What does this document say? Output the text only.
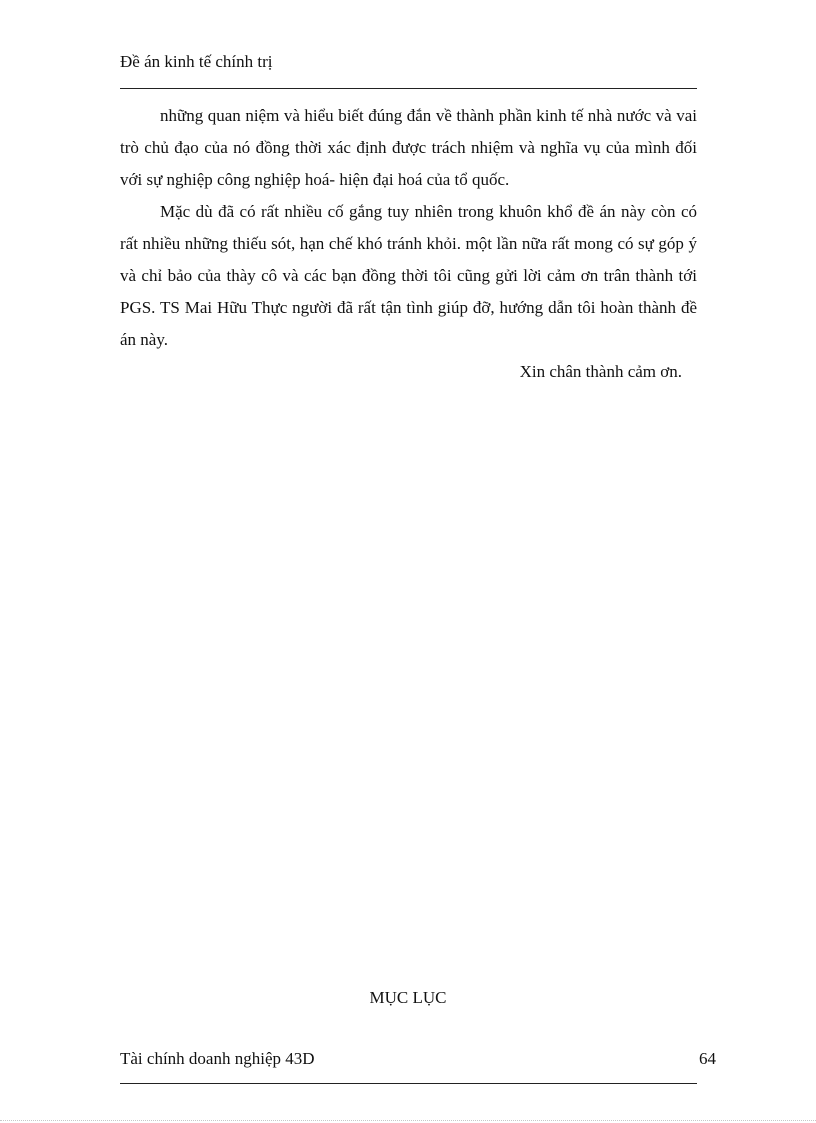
Đề án kinh tế chính trị

những quan niệm và hiểu biết đúng đắn về thành phần kinh tế nhà nước và vai trò chủ đạo của nó đồng thời xác định được trách nhiệm và nghĩa vụ của mình đối với sự nghiệp công nghiệp hoá- hiện đại hoá của tổ quốc.

Mặc dù đã có rất nhiều cố gắng tuy nhiên trong khuôn khổ đề án này còn có rất nhiều những thiếu sót, hạn chế khó tránh khỏi. một lần nữa rất mong có sự góp ý và chỉ bảo của thày cô và các bạn đồng thời tôi cũng gửi lời cảm ơn trân thành tới PGS. TS Mai Hữu Thực người đã rất tận tình giúp đỡ, hướng dẫn tôi hoàn thành đề án này.

Xin chân thành cảm ơn.

MỤC LỤC
Tài chính doanh nghiệp 43D	64
